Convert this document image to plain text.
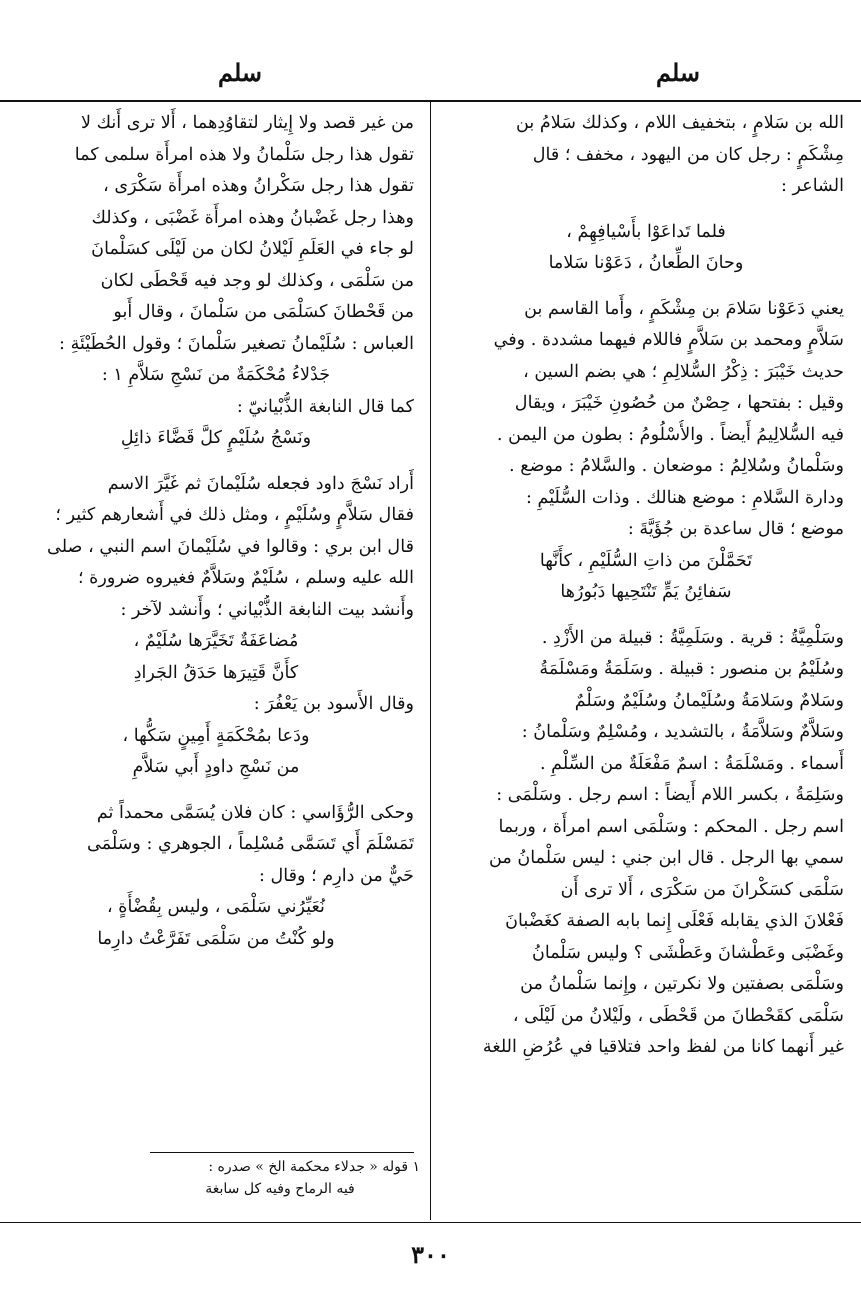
سلم
سلم
الله بن سَلامٍ ، بتخفيف اللام ، وكذلك سَلامُ بن
مِشْكَمٍ : رجل كان من اليهود ، مخفف ؛ قال
الشاعر :
فلما تَداعَوْا بأَسْيافِهِمْ ،
وحانَ الطِّعانُ ، دَعَوْنا سَلاما
يعني دَعَوْنا سَلامَ بن مِشْكَمٍ ، وأَما القاسم بن
سَلاَّمٍ ومحمد بن سَلاَّمٍ فاللام فيهما مشددة . وفي
حديث خَيْبَرَ : ذِكْرُ السُّلالِمِ ؛ هي بضم السين ،
وقيل : بفتحها ، حِصْنٌ من حُصُونِ خَيْبَرَ ، ويقال
فيه السُّلالِيمُ أَيضاً . والأُسْلُومُ : بطون من اليمن .
وسَلْمانُ وسُلالِمُ : موضعان . والسَّلامُ : موضع .
ودارة السَّلامِ : موضع هنالك . وذات السُّلَيْمِ :
موضع ؛ قال ساعدة بن جُؤَيَّةَ :
تَحَمَّلْنَ من ذاتِ السُّلَيْمِ ، كأَنَّها
سَفائِنُ يَمٍّ تَنْتَحِيها دَبُورُها
وسَلْمِيَّةُ : قرية . وسَلَمِيَّةُ : قبيلة من الأَزْدِ .
وسُلَيْمُ بن منصور : قبيلة . وسَلَمَةُ ومَسْلَمَةُ
وسَلامٌ وسَلامَةُ وسُلَيْمانُ وسُلَيْمٌ وسَلْمٌ
وسَلاَّمٌ وسَلاَّمَةُ ، بالتشديد ، ومُسْلِمٌ وسَلْمانُ :
أَسماء . ومَسْلَمَةُ : اسمٌ مَفْعَلَةٌ من السِّلْمِ .
وسَلِمَةُ ، بكسر اللام أَيضاً : اسم رجل . وسَلْمَى :
اسم رجل . المحكم : وسَلْمَى اسم امرأَة ، وربما
سمي بها الرجل . قال ابن جني : ليس سَلْمانُ من
سَلْمَى كسَكْرانَ من سَكْرَى ، أَلا ترى أَن
فَعْلانَ الذي يقابله فَعْلَى إِنما بابه الصفة كغَضْبانَ
وغَضْبَى وعَطْشانَ وعَطْشَى ؟ وليس سَلْمانُ
وسَلْمَى بصفتين ولا نكرتين ، وإِنما سَلْمانُ من
سَلْمَى كقَحْطانَ من قَحْطَى ، ولَيْلانُ من لَيْلَى ،
غير أَنهما كانا من لفظ واحد فتلاقيا في عُرُضِ اللغة
من غير قصد ولا إِيثار لتقاوُدِهما ، أَلا ترى أَنك لا
تقول هذا رجل سَلْمانُ ولا هذه امرأَة سلمى كما
تقول هذا رجل سَكْرانُ وهذه امرأَة سَكْرَى ،
وهذا رجل غَضْبانُ وهذه امرأَة غَضْبَى ، وكذلك
لو جاء في العَلَمِ لَيْلانُ لكان من لَيْلَى كسَلْمانَ
من سَلْمَى ، وكذلك لو وجد فيه قَحْطَى لكان
من قَحْطانَ كسَلْمَى من سَلْمانَ ، وقال أَبو
العباس : سُلَيْمانُ تصغير سَلْمانَ ؛ وقول الحُطَيْئَةِ :
جَدْلاءُ مُحْكَمَةٌ من نَسْجِ سَلاَّمِ ١ :
كما قال النابغة الذُّبْيانيّ :
ونَسْجُ سُلَيْمٍ كلَّ قَضَّاءَ ذائِلِ
أَراد نَسْجَ داود فجعله سُلَيْمانَ ثم غَيَّرَ الاسم
فقال سَلاَّمٍ وسُلَيْمٍ ، ومثل ذلك في أَشعارهم كثير ؛
قال ابن بري : وقالوا في سُلَيْمانَ اسم النبي ، صلى
الله عليه وسلم ، سُلَيْمٌ وسَلاَّمٌ فغيروه ضرورة ؛
وأَنشد بيت النابغة الذُّبْياني ؛ وأَنشد لآخر :
مُضاعَفَةٌ تَخَيَّرَها سُلَيْمٌ ،
كأَنَّ قَتِيرَها حَدَقُ الجَرادِ
وقال الأَسود بن يَعْفُرَ :
ودَعا بمُحْكَمَةٍ أَمِينٍ سَكُّها ،
من نَسْجِ داودٍ أَبي سَلاَّمِ
وحكى الرُّؤَاسي : كان فلان يُسَمَّى محمداً ثم
تَمَسْلَمَ أَي تَسَمَّى مُسْلِماً ، الجوهري : وسَلْمَى
حَيٌّ من دارِم ؛ وقال :
نُعَيِّرُني سَلْمَى ، وليس بِقُضْأَةٍ ،
ولو كُنْتُ من سَلْمَى تَفَرَّعْتُ دارِما
١ قوله « جدلاء محكمة الخ » صدره :
فيه الرماح وفيه كل سابغة
٣٠٠
